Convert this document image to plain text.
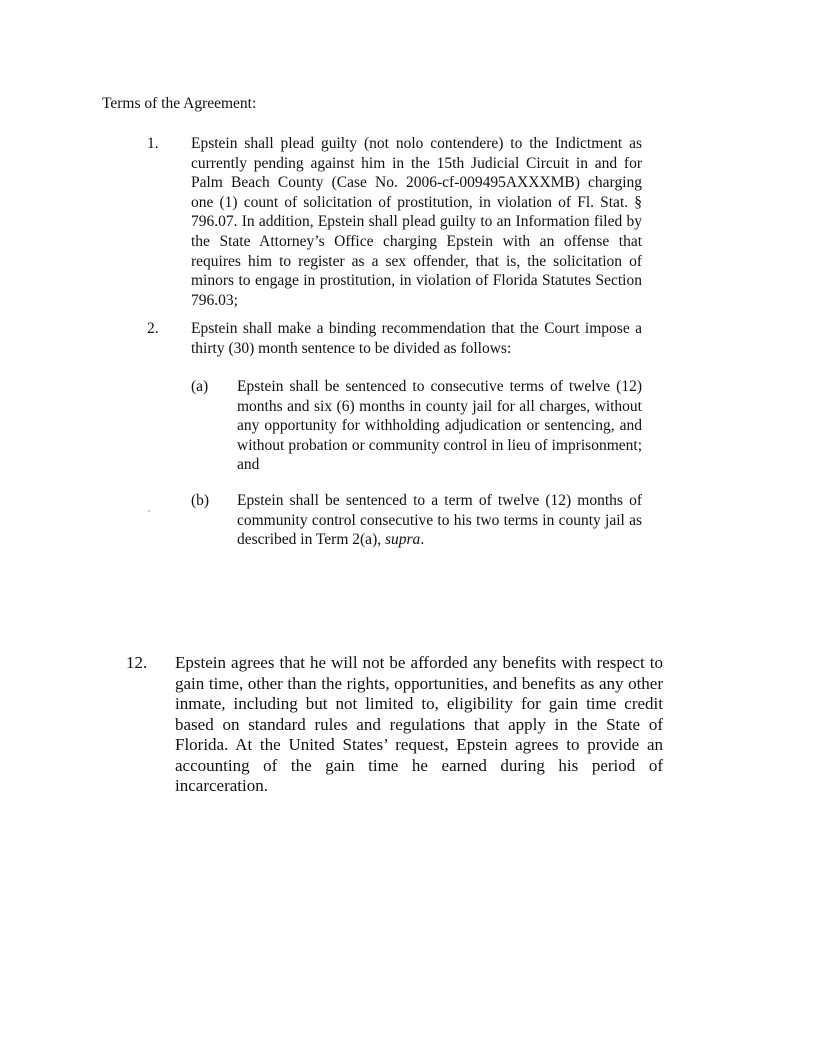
Terms of the Agreement:
1. Epstein shall plead guilty (not nolo contendere) to the Indictment as currently pending against him in the 15th Judicial Circuit in and for Palm Beach County (Case No. 2006-cf-009495AXXXMB) charging one (1) count of solicitation of prostitution, in violation of Fl. Stat. § 796.07. In addition, Epstein shall plead guilty to an Information filed by the State Attorney’s Office charging Epstein with an offense that requires him to register as a sex offender, that is, the solicitation of minors to engage in prostitution, in violation of Florida Statutes Section 796.03;
2. Epstein shall make a binding recommendation that the Court impose a thirty (30) month sentence to be divided as follows:
(a) Epstein shall be sentenced to consecutive terms of twelve (12) months and six (6) months in county jail for all charges, without any opportunity for withholding adjudication or sentencing, and without probation or community control in lieu of imprisonment; and
(b) Epstein shall be sentenced to a term of twelve (12) months of community control consecutive to his two terms in county jail as described in Term 2(a), supra.
12. Epstein agrees that he will not be afforded any benefits with respect to gain time, other than the rights, opportunities, and benefits as any other inmate, including but not limited to, eligibility for gain time credit based on standard rules and regulations that apply in the State of Florida. At the United States’ request, Epstein agrees to provide an accounting of the gain time he earned during his period of incarceration.
